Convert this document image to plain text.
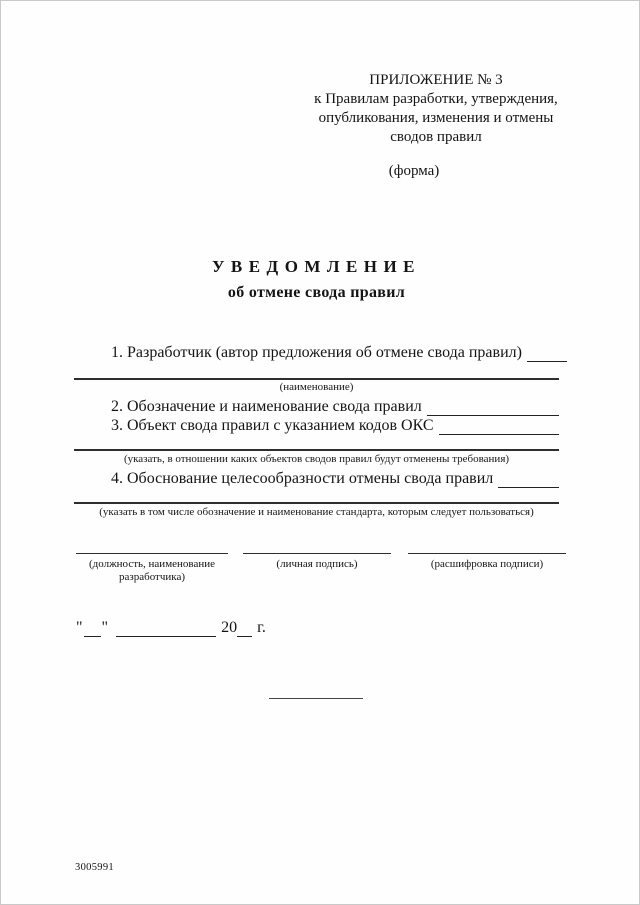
ПРИЛОЖЕНИЕ № 3
к Правилам разработки, утверждения,
опубликования, изменения и отмены
сводов правил
(форма)
УВЕДОМЛЕНИЕ
об отмене свода правил
1. Разработчик (автор предложения об отмене свода правил)
(наименование)
2. Обозначение и наименование свода правил
3. Объект свода правил с указанием кодов ОКС
(указать, в отношении каких объектов сводов правил будут отменены требования)
4. Обоснование целесообразности отмены свода правил
(указать в том числе обозначение и наименование стандарта, которым следует пользоваться)
(должность, наименование разработчика)
(личная подпись)	(расшифровка подписи)
" "	20	г.
3005991
